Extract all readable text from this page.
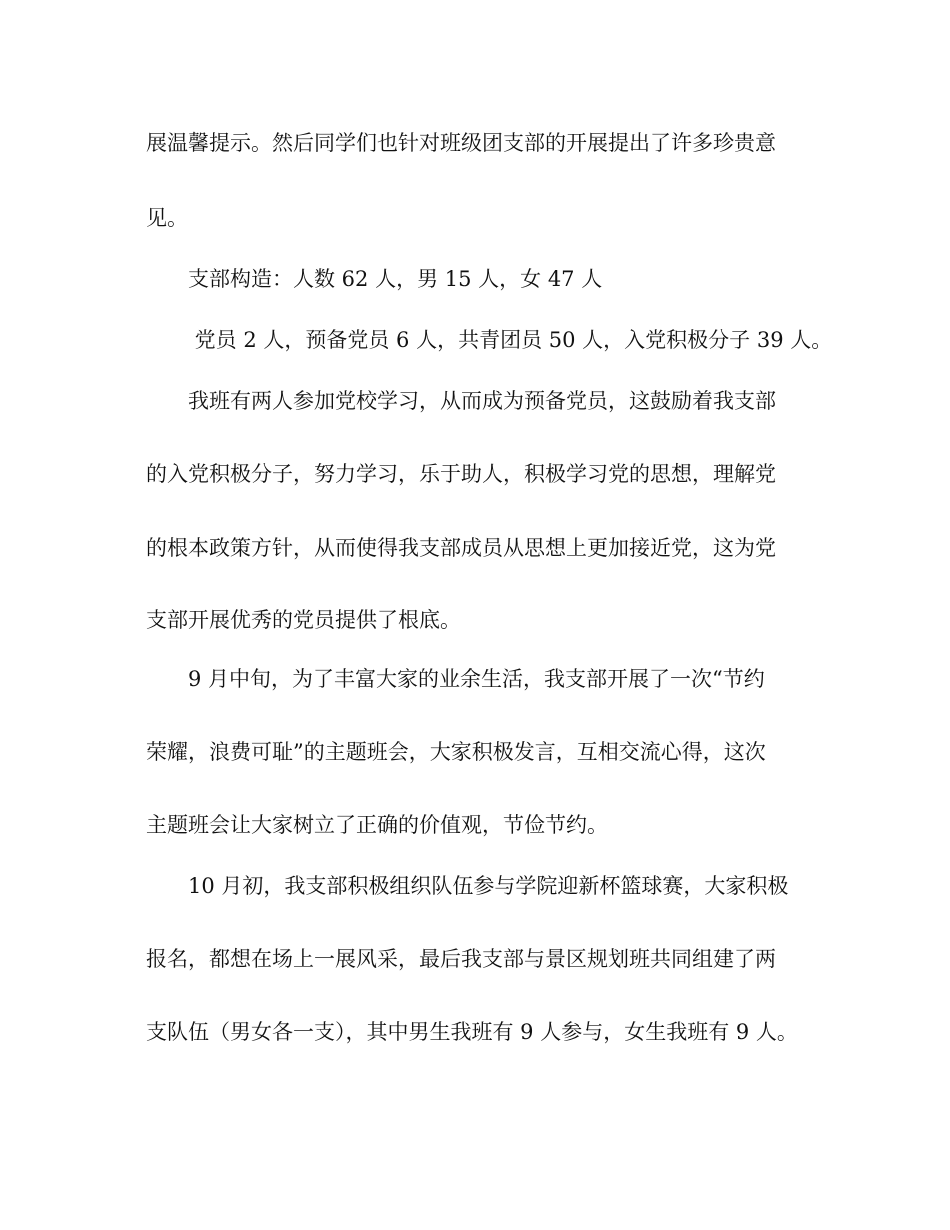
展温馨提示。然后同学们也针对班级团支部的开展提出了许多珍贵意
见。
　　支部构造：人数 62 人，男 15 人，女 47 人
　　 党员 2 人，预备党员 6 人，共青团员 50 人，入党积极分子 39 人。
　　我班有两人参加党校学习，从而成为预备党员，这鼓励着我支部
的入党积极分子，努力学习，乐于助人，积极学习党的思想，理解党
的根本政策方针，从而使得我支部成员从思想上更加接近党，这为党
支部开展优秀的党员提供了根底。
　　9 月中旬，为了丰富大家的业余生活，我支部开展了一次“节约
荣耀，浪费可耻”的主题班会，大家积极发言，互相交流心得，这次
主题班会让大家树立了正确的价值观，节俭节约。
　　10 月初，我支部积极组织队伍参与学院迎新杯篮球赛，大家积极
报名，都想在场上一展风采，最后我支部与景区规划班共同组建了两
支队伍（男女各一支），其中男生我班有 9 人参与，女生我班有 9 人。
